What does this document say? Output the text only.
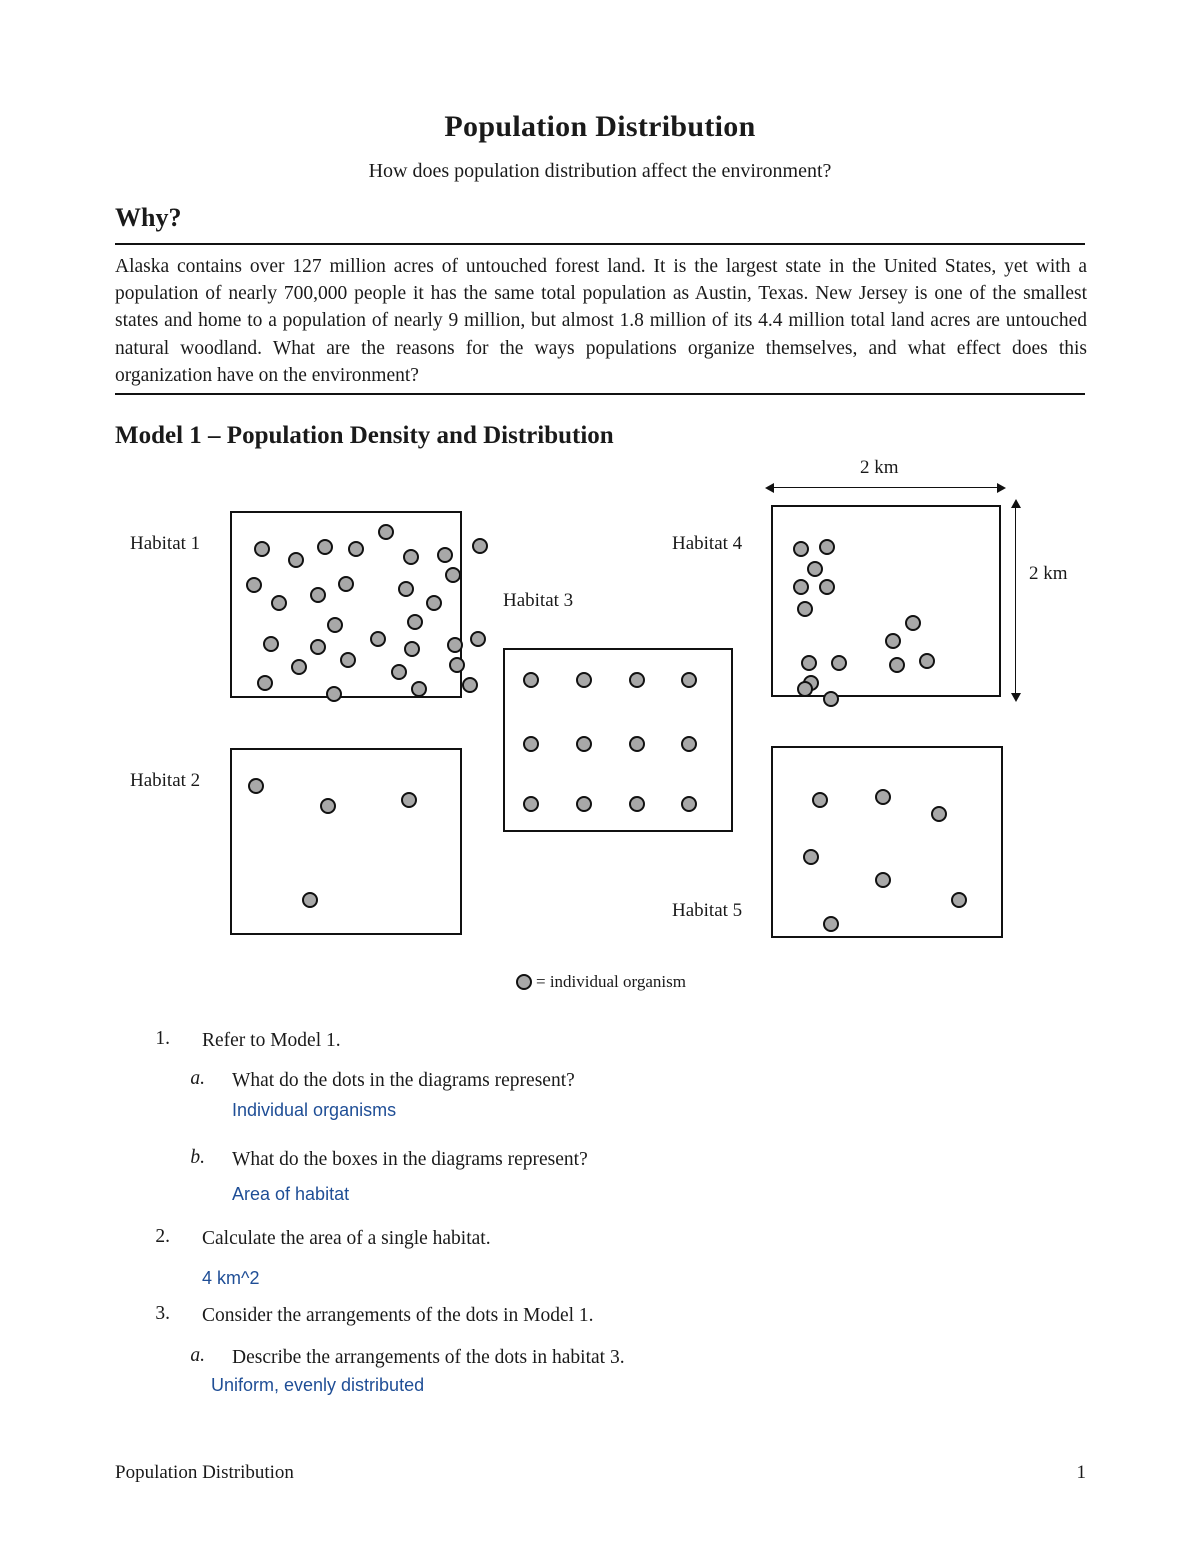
Population Distribution
How does population distribution affect the environment?
Why?
Alaska contains over 127 million acres of untouched forest land. It is the largest state in the United States, yet with a population of nearly 700,000 people it has the same total population as Austin, Texas. New Jersey is one of the smallest states and home to a population of nearly 9 million, but almost 1.8 million of its 4.4 million total land acres are untouched natural woodland. What are the reasons for the ways populations organize themselves, and what effect does this organization have on the environment?
Model 1 – Population Density and Distribution
Habitat 1
Habitat 2
Habitat 3
Habitat 4
Habitat 5
2 km
2 km
= individual organism
1. Refer to Model 1.
a. What do the dots in the diagrams represent?
Individual organisms
b. What do the boxes in the diagrams represent?
Area of habitat
2. Calculate the area of a single habitat.
4 km^2
3. Consider the arrangements of the dots in Model 1.
a. Describe the arrangements of the dots in habitat 3.
Uniform, evenly distributed
Population Distribution	1
